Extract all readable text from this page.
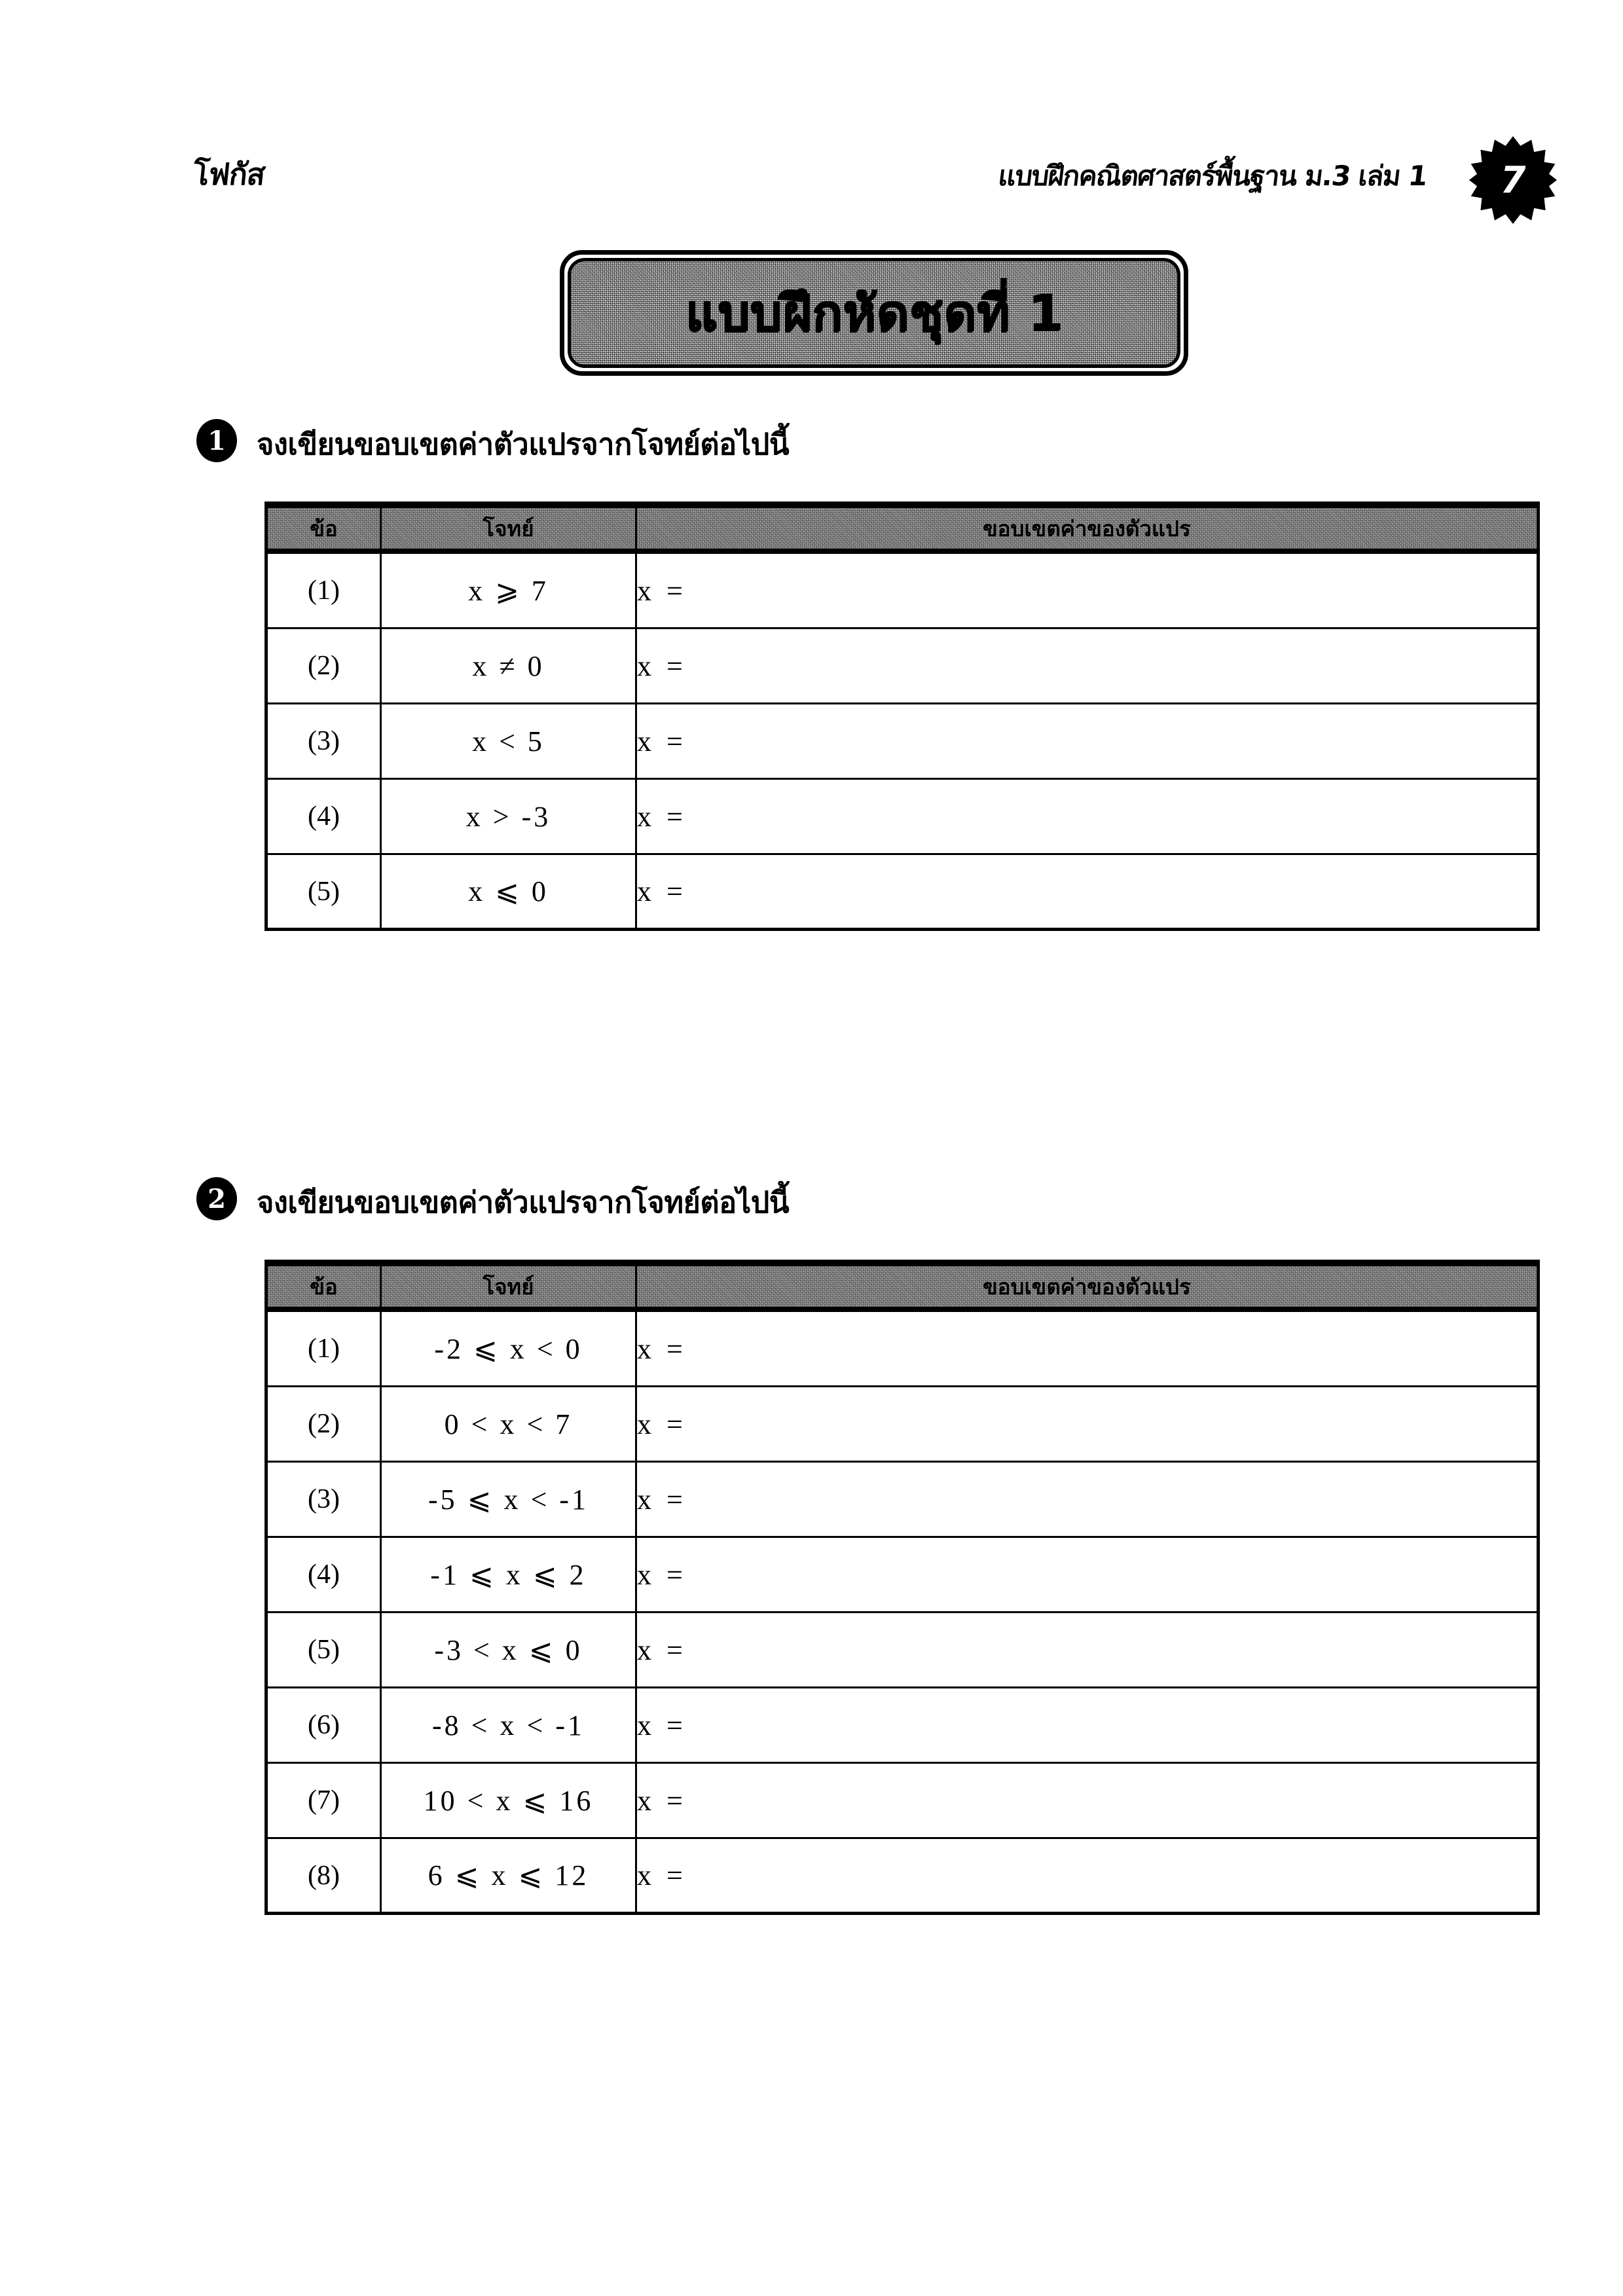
โฟกัส	แบบฝึกคณิตศาสตร์พื้นฐาน ม.3 เล่ม 1	7
แบบฝึกหัดชุดที่ 1
1	จงเขียนขอบเขตค่าตัวแปรจากโจทย์ต่อไปนี้
ข้อ	โจทย์	ขอบเขตค่าของตัวแปร
(1)	x ⩾ 7	x =
(2)	x ≠ 0	x =
(3)	x < 5	x =
(4)	x > -3	x =
(5)	x ⩽ 0	x =
2	จงเขียนขอบเขตค่าตัวแปรจากโจทย์ต่อไปนี้
ข้อ	โจทย์	ขอบเขตค่าของตัวแปร
(1)	-2 ⩽ x < 0	x =
(2)	0 < x < 7	x =
(3)	-5 ⩽ x < -1	x =
(4)	-1 ⩽ x ⩽ 2	x =
(5)	-3 < x ⩽ 0	x =
(6)	-8 < x < -1	x =
(7)	10 < x ⩽ 16	x =
(8)	6 ⩽ x ⩽ 12	x =
